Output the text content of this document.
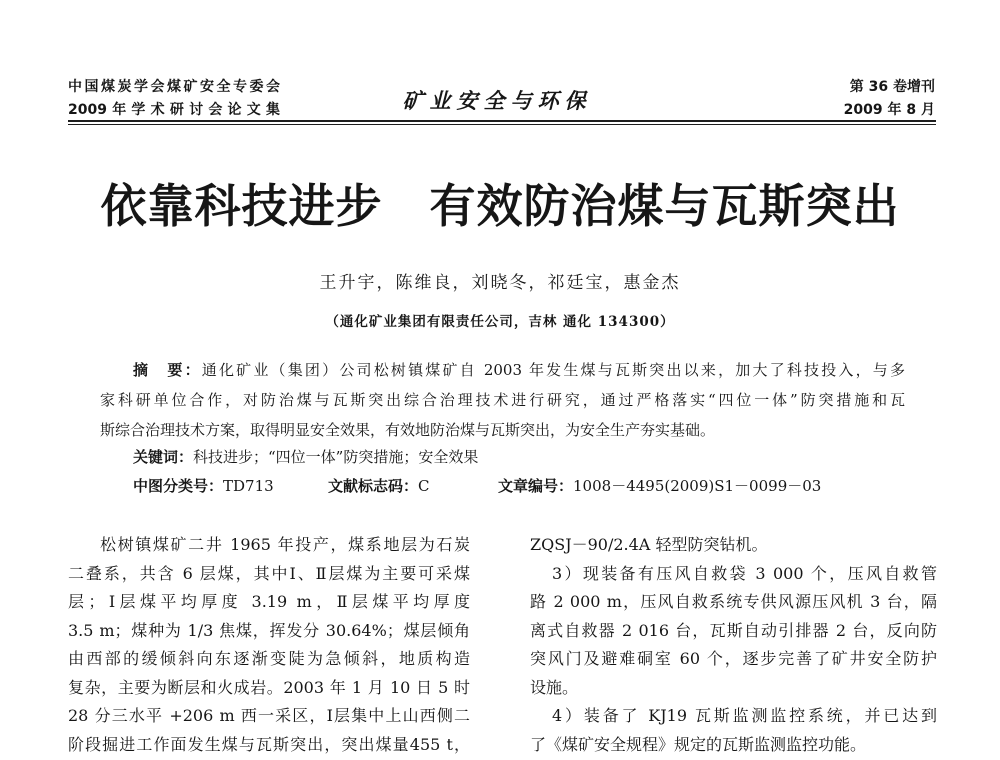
中国煤炭学会煤矿安全专委会
2009年学术研讨会论文集	矿业安全与环保
第 36 卷增刊
2009 年 8 月
依靠科技进步　有效防治煤与瓦斯突出
王升宇，陈维良，刘晓冬，祁廷宝，惠金杰
（通化矿业集团有限责任公司，吉林 通化 134300）
摘　要：通化矿业（集团）公司松树镇煤矿自 2003 年发生煤与瓦斯突出以来，加大了科技投入，与多
家科研单位合作，对防治煤与瓦斯突出综合治理技术进行研究，通过严格落实“四位一体”防突措施和瓦
斯综合治理技术方案，取得明显安全效果，有效地防治煤与瓦斯突出，为安全生产夯实基础。
关键词：科技进步；“四位一体”防突措施；安全效果
中图分类号：TD713	文献标志码：C	文章编号：1008－4495(2009)S1－0099－03
松树镇煤矿二井 1965 年投产，煤系地层为石炭
二叠系，共含 6 层煤，其中Ⅰ、Ⅱ层煤为主要可采煤
层；Ⅰ层煤平均厚度 3.19 m，Ⅱ层煤平均厚度
3.5 m；煤种为 1/3 焦煤，挥发分 30.64%；煤层倾角
由西部的缓倾斜向东逐渐变陡为急倾斜，地质构造
复杂，主要为断层和火成岩。2003 年 1 月 10 日 5 时
28 分三水平 +206 m 西一采区，Ⅰ层集中上山西侧二
阶段掘进工作面发生煤与瓦斯突出，突出煤量455 t，
ZQSJ－90/2.4A 轻型防突钻机。
3）现装备有压风自救袋 3 000 个，压风自救管
路 2 000 m，压风自救系统专供风源压风机 3 台，隔
离式自救器 2 016 台，瓦斯自动引排器 2 台，反向防
突风门及避难硐室 60 个，逐步完善了矿井安全防护
设施。
4）装备了 KJ19 瓦斯监测监控系统，并已达到
了《煤矿安全规程》规定的瓦斯监测监控功能。
